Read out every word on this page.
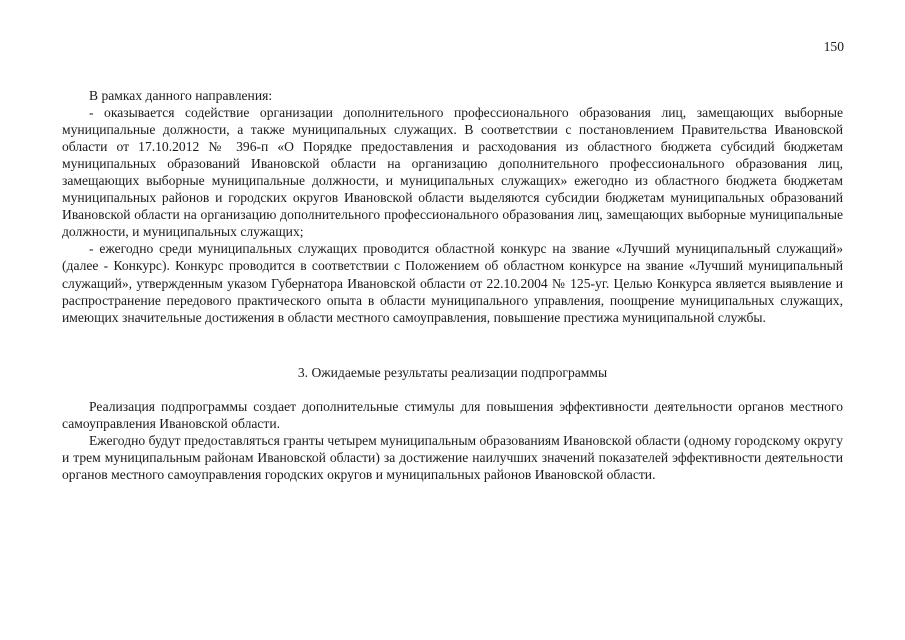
150

В рамках данного направления:

- оказывается содействие организации дополнительного профессионального образования лиц, замещающих выборные муниципальные должности, а также муниципальных служащих. В соответствии с постановлением Правительства Ивановской области от 17.10.2012 № 396-п «О Порядке предоставления и расходования из областного бюджета субсидий бюджетам муниципальных образований Ивановской области на организацию дополнительного профессионального образования лиц, замещающих выборные муниципальные должности, и муниципальных служащих» ежегодно из областного бюджета бюджетам муниципальных районов и городских округов Ивановской области выделяются субсидии бюджетам муниципальных образований Ивановской области на организацию дополнительного профессионального образования лиц, замещающих выборные муниципальные должности, и муниципальных служащих;

- ежегодно среди муниципальных служащих проводится областной конкурс на звание «Лучший муниципальный служащий» (далее - Конкурс). Конкурс проводится в соответствии с Положением об областном конкурсе на звание «Лучший муниципальный служащий», утвержденным указом Губернатора Ивановской области от 22.10.2004 № 125-уг. Целью Конкурса является выявление и распространение передового практического опыта в области муниципального управления, поощрение муниципальных служащих, имеющих значительные достижения в области местного самоуправления, повышение престижа муниципальной службы.

3. Ожидаемые результаты реализации подпрограммы

Реализация подпрограммы создает дополнительные стимулы для повышения эффективности деятельности органов местного самоуправления Ивановской области.

Ежегодно будут предоставляться гранты четырем муниципальным образованиям Ивановской области (одному городскому округу и трем муниципальным районам Ивановской области) за достижение наилучших значений показателей эффективности деятельности органов местного самоуправления городских округов и муниципальных районов Ивановской области.
